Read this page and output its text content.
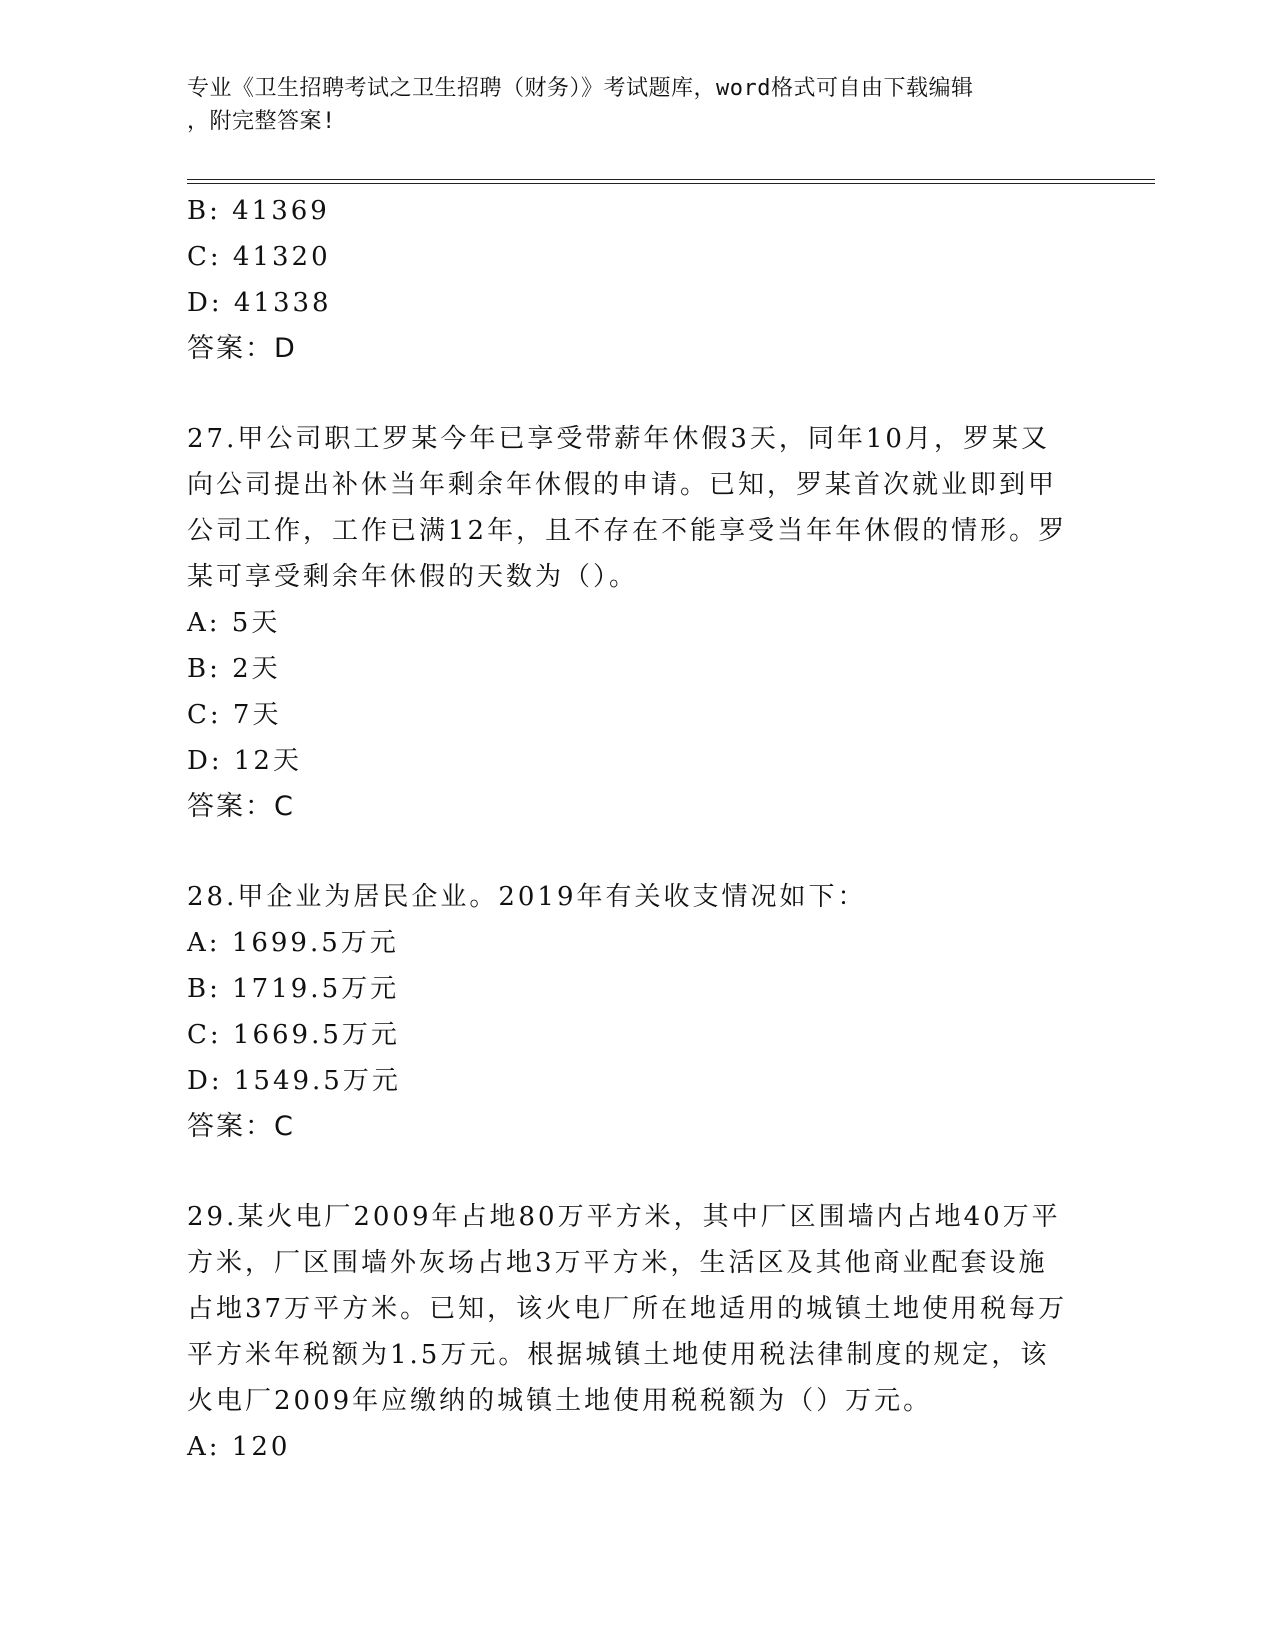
专业《卫生招聘考试之卫生招聘（财务）》考试题库，word格式可自由下载编辑
，附完整答案!
B: 41369
C: 41320
D: 41338
答案：D
27.甲公司职工罗某今年已享受带薪年休假3天，同年10月，罗某又
向公司提出补休当年剩余年休假的申请。已知，罗某首次就业即到甲
公司工作，工作已满12年，且不存在不能享受当年年休假的情形。罗
某可享受剩余年休假的天数为（）。
A: 5天
B: 2天
C: 7天
D: 12天
答案：C
28.甲企业为居民企业。2019年有关收支情况如下：
A: 1699.5万元
B: 1719.5万元
C: 1669.5万元
D: 1549.5万元
答案：C
29.某火电厂2009年占地80万平方米，其中厂区围墙内占地40万平
方米，厂区围墙外灰场占地3万平方米，生活区及其他商业配套设施
占地37万平方米。已知，该火电厂所在地适用的城镇土地使用税每万
平方米年税额为1.5万元。根据城镇土地使用税法律制度的规定，该
火电厂2009年应缴纳的城镇土地使用税税额为（）万元。
A: 120
